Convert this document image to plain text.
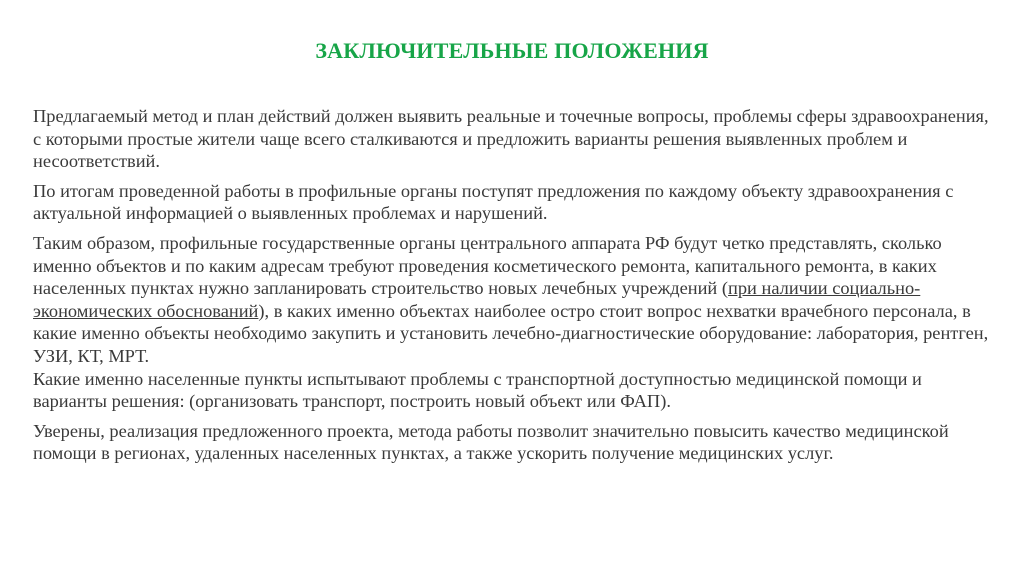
ЗАКЛЮЧИТЕЛЬНЫЕ ПОЛОЖЕНИЯ

Предлагаемый метод и план действий должен выявить реальные и точечные вопросы, проблемы сферы здравоохранения, с которыми простые жители чаще всего сталкиваются и предложить варианты решения выявленных проблем и несоответствий.

По итогам проведенной работы в профильные органы поступят предложения по каждому объекту здравоохранения с актуальной информацией о выявленных проблемах и нарушений.

Таким образом, профильные государственные органы центрального аппарата РФ будут четко представлять, сколько именно объектов и по каким адресам требуют проведения косметического ремонта, капитального ремонта, в каких населенных пунктах нужно запланировать строительство новых лечебных учреждений (при наличии социально-экономических обоснований), в каких именно объектах наиболее остро стоит вопрос нехватки врачебного персонала, в какие именно объекты необходимо закупить и установить лечебно-диагностические оборудование: лаборатория, рентген, УЗИ, КТ, МРТ.

Какие именно населенные пункты испытывают проблемы с транспортной доступностью медицинской помощи и варианты решения: (организовать транспорт, построить новый объект или ФАП).

Уверены, реализация предложенного проекта, метода работы позволит значительно повысить качество медицинской помощи в регионах, удаленных населенных пунктах, а также ускорить получение медицинских услуг.
